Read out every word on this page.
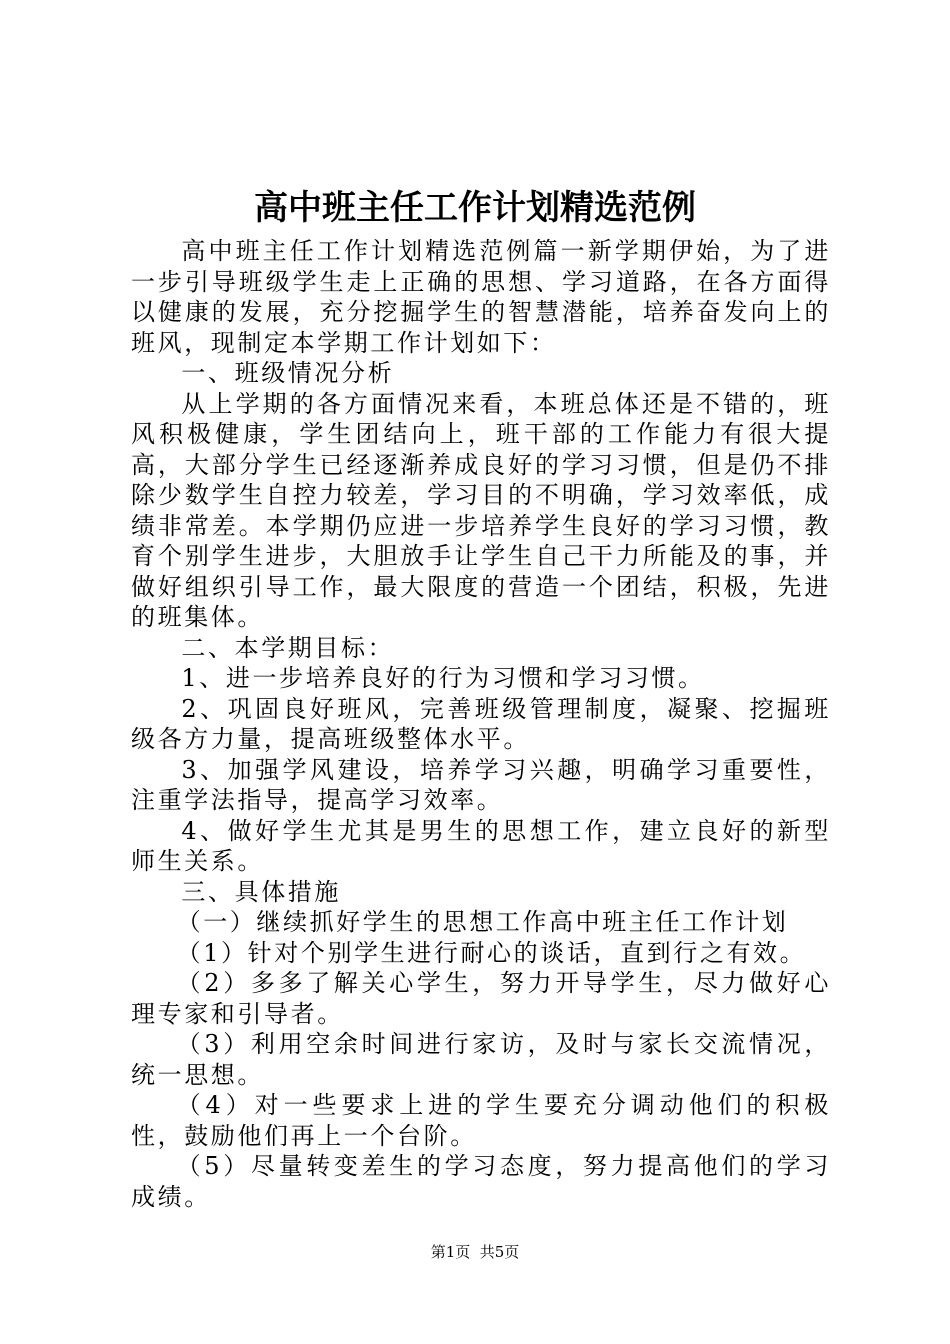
高中班主任工作计划精选范例

高中班主任工作计划精选范例篇一新学期伊始，为了进一步引导班级学生走上正确的思想、学习道路，在各方面得以健康的发展，充分挖掘学生的智慧潜能，培养奋发向上的班风，现制定本学期工作计划如下：

一、班级情况分析

从上学期的各方面情况来看，本班总体还是不错的，班风积极健康，学生团结向上，班干部的工作能力有很大提高，大部分学生已经逐渐养成良好的学习习惯，但是仍不排除少数学生自控力较差，学习目的不明确，学习效率低，成绩非常差。本学期仍应进一步培养学生良好的学习习惯，教育个别学生进步，大胆放手让学生自己干力所能及的事，并做好组织引导工作，最大限度的营造一个团结，积极，先进的班集体。

二、本学期目标：

1、进一步培养良好的行为习惯和学习习惯。

2、巩固良好班风，完善班级管理制度，凝聚、挖掘班级各方力量，提高班级整体水平。

3、加强学风建设，培养学习兴趣，明确学习重要性，注重学法指导，提高学习效率。

4、做好学生尤其是男生的思想工作，建立良好的新型师生关系。

三、具体措施

（一）继续抓好学生的思想工作高中班主任工作计划

（1）针对个别学生进行耐心的谈话，直到行之有效。

（2）多多了解关心学生，努力开导学生，尽力做好心理专家和引导者。

（3）利用空余时间进行家访，及时与家长交流情况，统一思想。

（4）对一些要求上进的学生要充分调动他们的积极性，鼓励他们再上一个台阶。

（5）尽量转变差生的学习态度，努力提高他们的学习成绩。

第1页  共5页
